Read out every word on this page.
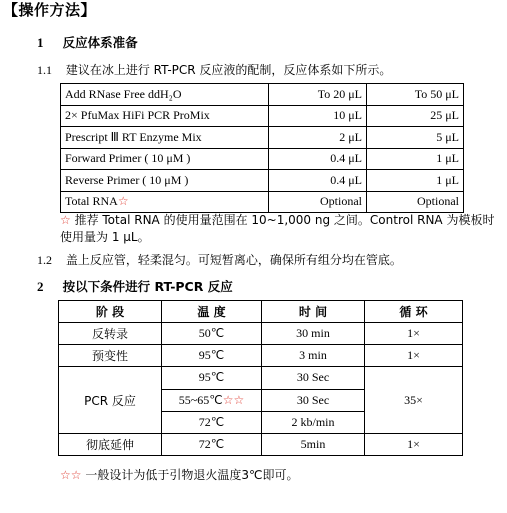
【操作方法】
1 反应体系准备
1.1 建议在冰上进行 RT-PCR 反应液的配制，反应体系如下所示。
Add RNase Free ddH₂O	To 20 μL	To 50 μL
2× PfuMax HiFi PCR ProMix	10 μL	25 μL
Prescript Ⅲ RT Enzyme Mix	2 μL	5 μL
Forward Primer ( 10 μM )	0.4 μL	1 μL
Reverse Primer ( 10 μM )	0.4 μL	1 μL
Total RNA☆	Optional	Optional
☆ 推荐 Total RNA 的使用量范围在 10~1,000 ng 之间。Control RNA 为模板时
使用量为 1 μL。
1.2 盖上反应管，轻柔混匀。可短暂离心，确保所有组分均在管底。
2 按以下条件进行 RT-PCR 反应
阶 段	温 度	时 间	循 环
反转录	50℃	30 min	1×
预变性	95℃	3 min	1×
PCR 反应	95℃	30 Sec	35×
	55~65℃☆☆	30 Sec	
	72℃	2 kb/min	
彻底延伸	72℃	5min	1×
☆☆ 一般设计为低于引物退火温度3℃即可。
